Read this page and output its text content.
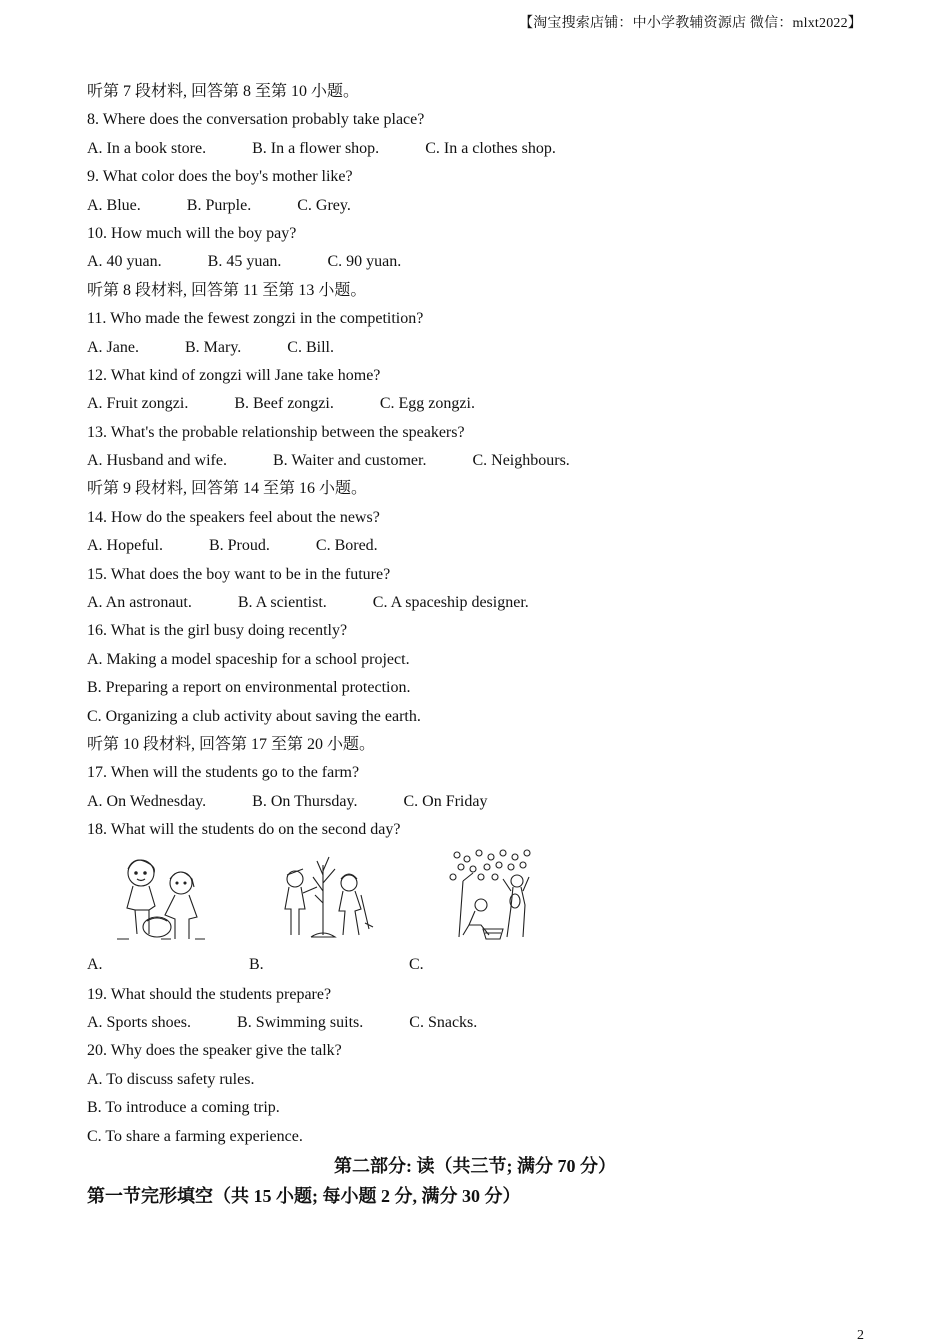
【淘宝搜索店铺：中小学教辅资源店 微信：mlxt2022】
听第 7 段材料, 回答第 8 至第 10 小题。
8. Where does the conversation probably take place?
A. In a book store.	B. In a flower shop.	C. In a clothes shop.
9. What color does the boy's mother like?
A. Blue.	B. Purple.	C. Grey.
10. How much will the boy pay?
A. 40 yuan.	B. 45 yuan.	C. 90 yuan.
听第 8 段材料, 回答第 11 至第 13 小题。
11. Who made the fewest zongzi in the competition?
A. Jane.	B. Mary.	C. Bill.
12. What kind of zongzi will Jane take home?
A. Fruit zongzi.	B. Beef zongzi.	C. Egg zongzi.
13. What's the probable relationship between the speakers?
A. Husband and wife.	B. Waiter and customer.	C. Neighbours.
听第 9 段材料, 回答第 14 至第 16 小题。
14. How do the speakers feel about the news?
A. Hopeful.	B. Proud.	C. Bored.
15. What does the boy want to be in the future?
A. An astronaut.	B. A scientist.	C. A spaceship designer.
16. What is the girl busy doing recently?
A. Making a model spaceship for a school project.
B. Preparing a report on environmental protection.
C. Organizing a club activity about saving the earth.
听第 10 段材料, 回答第 17 至第 20 小题。
17. When will the students go to the farm?
A. On Wednesday.	B. On Thursday.	C. On Friday
18. What will the students do on the second day?
A.	B.	C.
19. What should the students prepare?
A. Sports shoes.	B. Swimming suits.	C. Snacks.
20. Why does the speaker give the talk?
A. To discuss safety rules.
B. To introduce a coming trip.
C. To share a farming experience.
第二部分: 读（共三节; 满分 70 分）
第一节完形填空（共 15 小题; 每小题 2 分, 满分 30 分）
2
